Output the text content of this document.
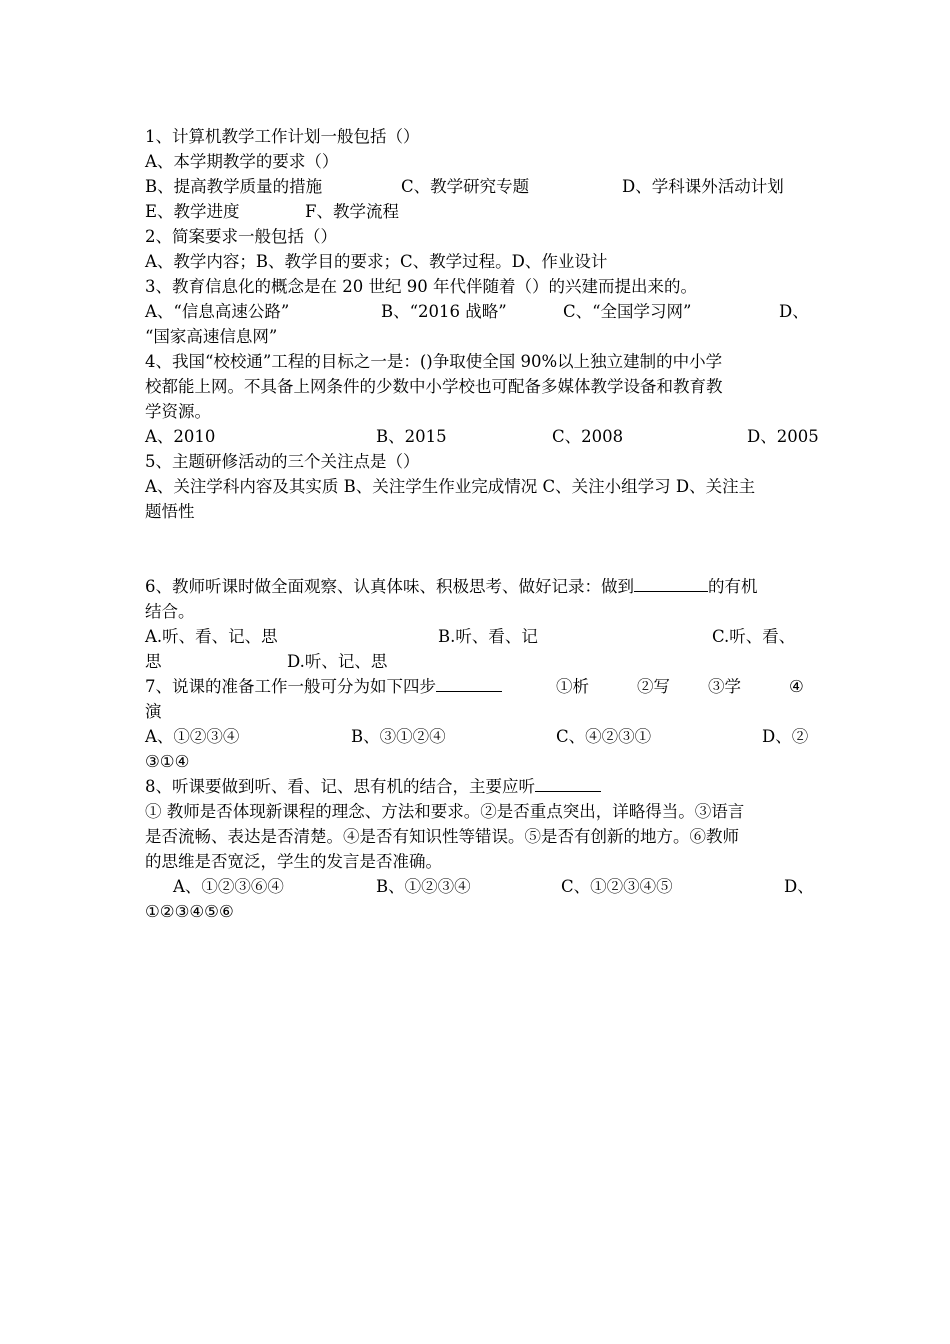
1、计算机教学工作计划一般包括（）
A、本学期教学的要求（）
B、提高教学质量的措施	C、教学研究专题	D、学科课外活动计划
E、教学进度	F、教学流程
2、简案要求一般包括（）
A、教学内容；B、教学目的要求；C、教学过程。D、作业设计
3、教育信息化的概念是在 20 世纪 90 年代伴随着（）的兴建而提出来的。
A、“信息高速公路”	B、“2016 战略”	C、“全国学习网”	D、
“国家高速信息网”
4、我国“校校通”工程的目标之一是：()争取使全国 90%以上独立建制的中小学
校都能上网。不具备上网条件的少数中小学校也可配备多媒体教学设备和教育教
学资源。
A、2010	B、2015	C、2008	D、2005
5、主题研修活动的三个关注点是（）
A、关注学科内容及其实质 B、关注学生作业完成情况 C、关注小组学习 D、关注主
题悟性
6、教师听课时做全面观察、认真体味、积极思考、做好记录：做到	的有机
结合。
A.听、看、记、思	B.听、看、记	C.听、看、
思	D.听、记、思
7、说课的准备工作一般可分为如下四步	①析	②写 ③学	④
演
A、①②③④	B、③①②④	C、④②③①	D、②
③①④
8、听课要做到听、看、记、思有机的结合，主要应听
① 教师是否体现新课程的理念、方法和要求。②是否重点突出，详略得当。③语言
是否流畅、表达是否清楚。④是否有知识性等错误。⑤是否有创新的地方。⑥教师
的思维是否宽泛，学生的发言是否准确。
A、①②③⑥④	B、①②③④	C、①②③④⑤	D、
①②③④⑤⑥
